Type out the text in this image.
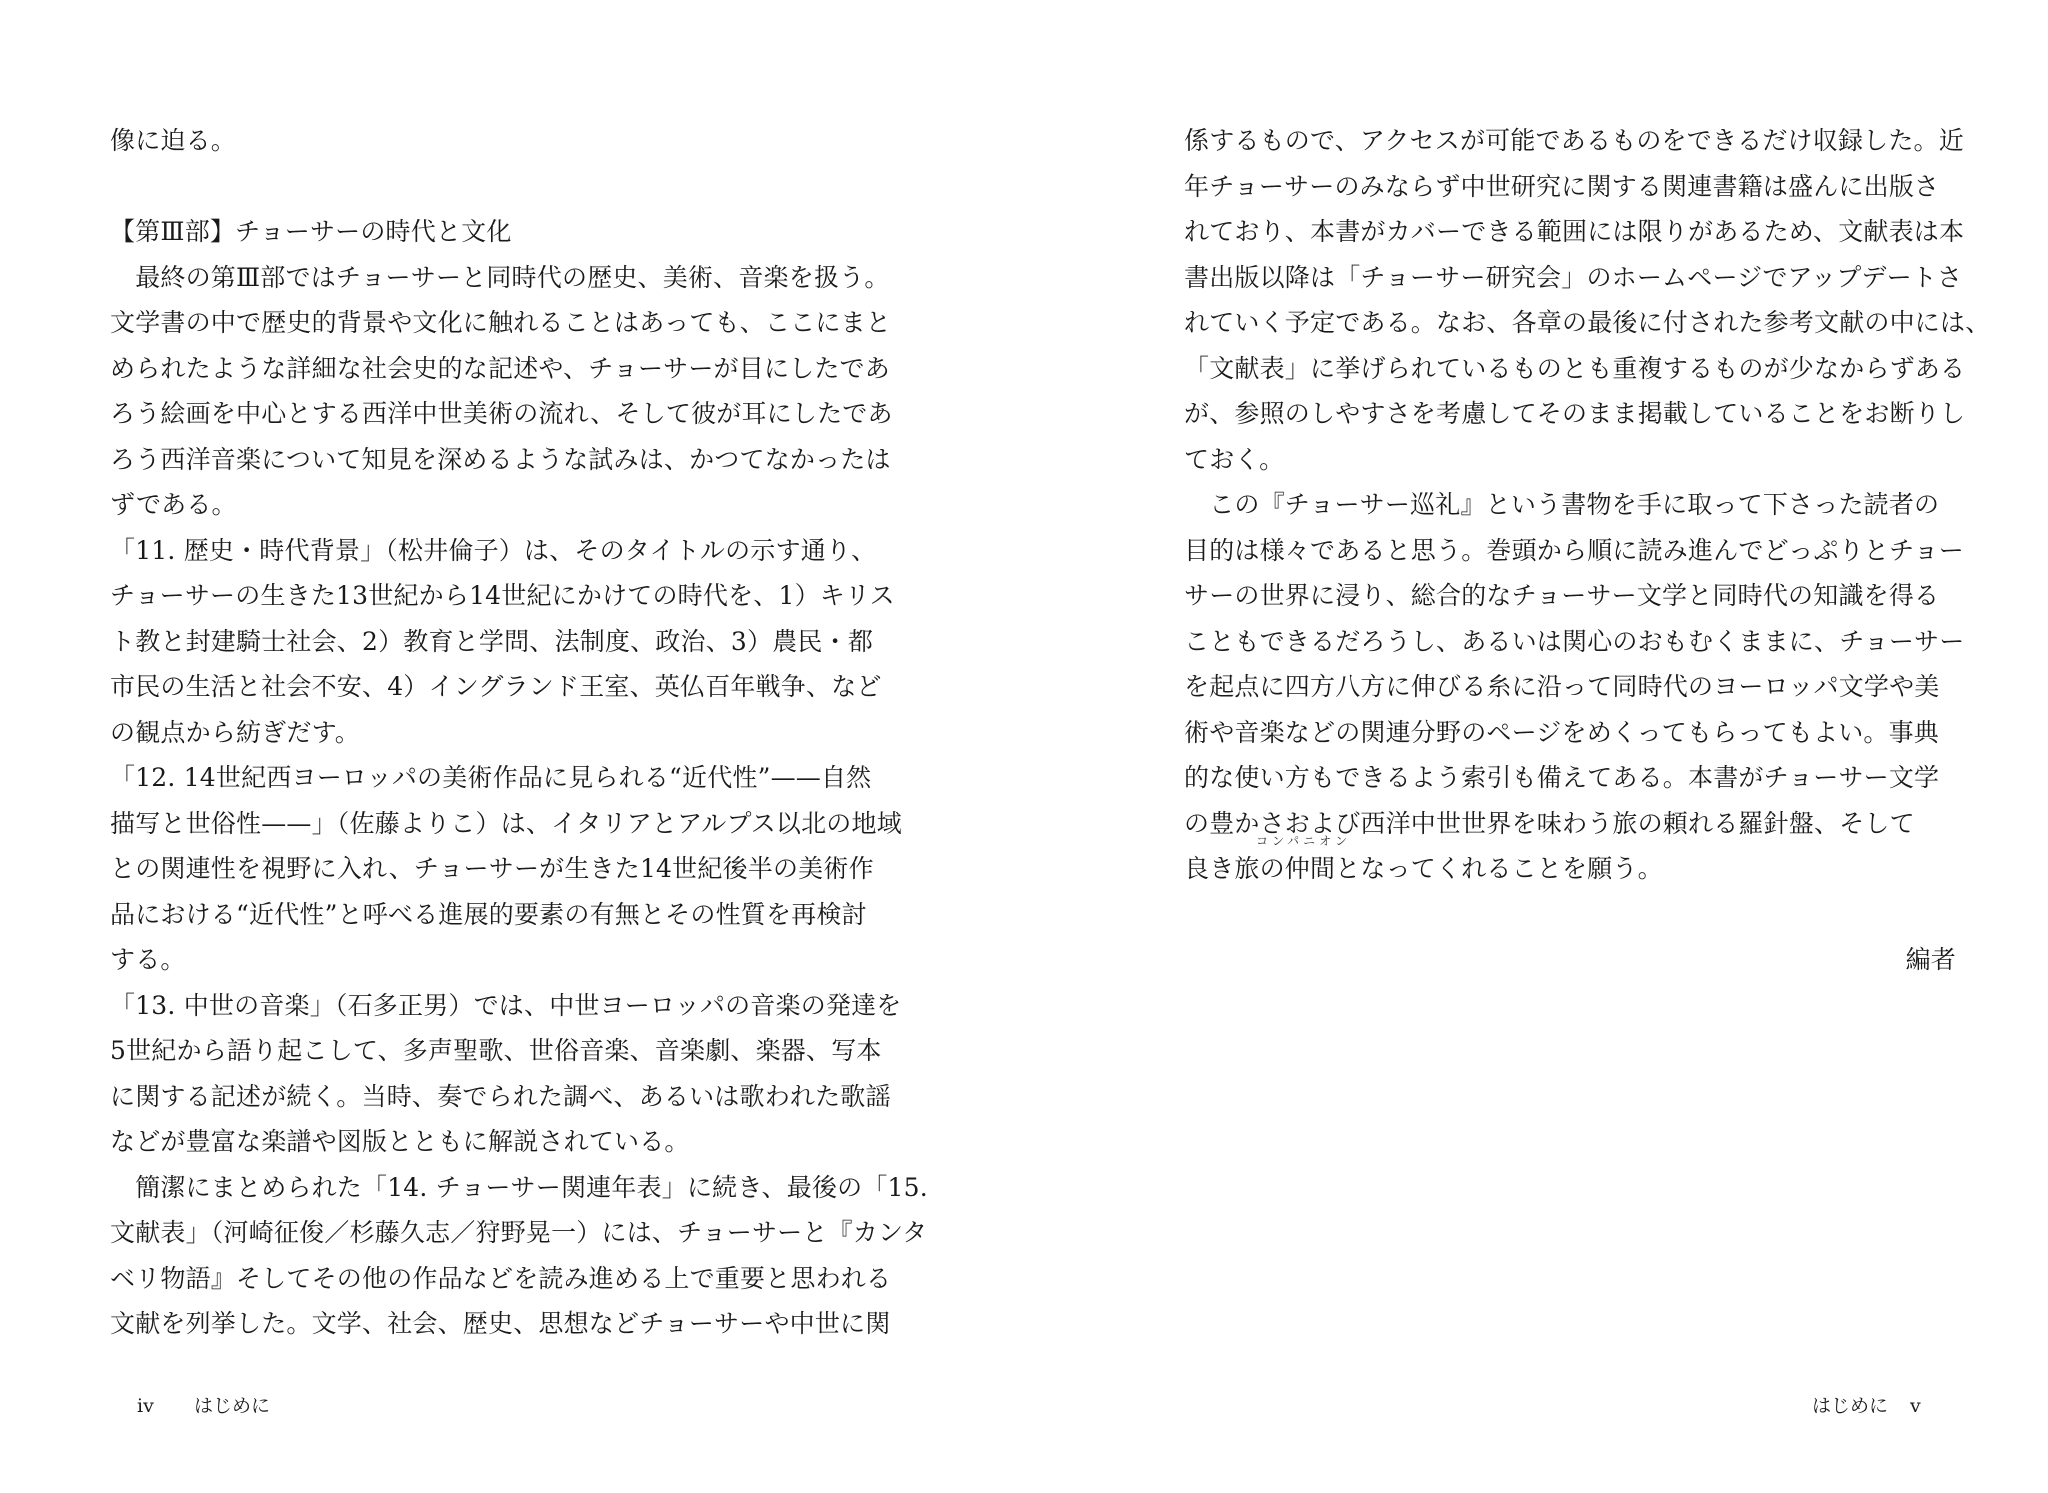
像に迫る。
【第Ⅲ部】チョーサーの時代と文化
　最終の第Ⅲ部ではチョーサーと同時代の歴史、美術、音楽を扱う。
文学書の中で歴史的背景や文化に触れることはあっても、ここにまと
められたような詳細な社会史的な記述や、チョーサーが目にしたであ
ろう絵画を中心とする西洋中世美術の流れ、そして彼が耳にしたであ
ろう西洋音楽について知見を深めるような試みは、かつてなかったは
ずである。
「11. 歴史・時代背景」（松井倫子）は、そのタイトルの示す通り、
チョーサーの生きた13世紀から14世紀にかけての時代を、1）キリス
ト教と封建騎士社会、2）教育と学問、法制度、政治、3）農民・都
市民の生活と社会不安、4）イングランド王室、英仏百年戦争、など
の観点から紡ぎだす。
「12. 14世紀西ヨーロッパの美術作品に見られる“近代性”——自然
描写と世俗性——」（佐藤よりこ）は、イタリアとアルプス以北の地域
との関連性を視野に入れ、チョーサーが生きた14世紀後半の美術作
品における“近代性”と呼べる進展的要素の有無とその性質を再検討
する。
「13. 中世の音楽」（石多正男）では、中世ヨーロッパの音楽の発達を
5世紀から語り起こして、多声聖歌、世俗音楽、音楽劇、楽器、写本
に関する記述が続く。当時、奏でられた調べ、あるいは歌われた歌謡
などが豊富な楽譜や図版とともに解説されている。
　簡潔にまとめられた「14. チョーサー関連年表」に続き、最後の「15.
文献表」（河崎征俊／杉藤久志／狩野晃一）には、チョーサーと『カンタ
ベリ物語』そしてその他の作品などを読み進める上で重要と思われる
文献を列挙した。文学、社会、歴史、思想などチョーサーや中世に関
iv はじめに
係するもので、アクセスが可能であるものをできるだけ収録した。近
年チョーサーのみならず中世研究に関する関連書籍は盛んに出版さ
れており、本書がカバーできる範囲には限りがあるため、文献表は本
書出版以降は「チョーサー研究会」のホームページでアップデートさ
れていく予定である。なお、各章の最後に付された参考文献の中には、
「文献表」に挙げられているものとも重複するものが少なからずある
が、参照のしやすさを考慮してそのまま掲載していることをお断りし
ておく。
　この『チョーサー巡礼』という書物を手に取って下さった読者の
目的は様々であると思う。巻頭から順に読み進んでどっぷりとチョー
サーの世界に浸り、総合的なチョーサー文学と同時代の知識を得る
こともできるだろうし、あるいは関心のおもむくままに、チョーサー
を起点に四方八方に伸びる糸に沿って同時代のヨーロッパ文学や美
術や音楽などの関連分野のページをめくってもらってもよい。事典
的な使い方もできるよう索引も備えてある。本書がチョーサー文学
の豊かさおよび西洋中世世界を味わう旅の頼れる羅針盤、そして
コンパニオン
良き旅の仲間となってくれることを願う。
編者
はじめに v
